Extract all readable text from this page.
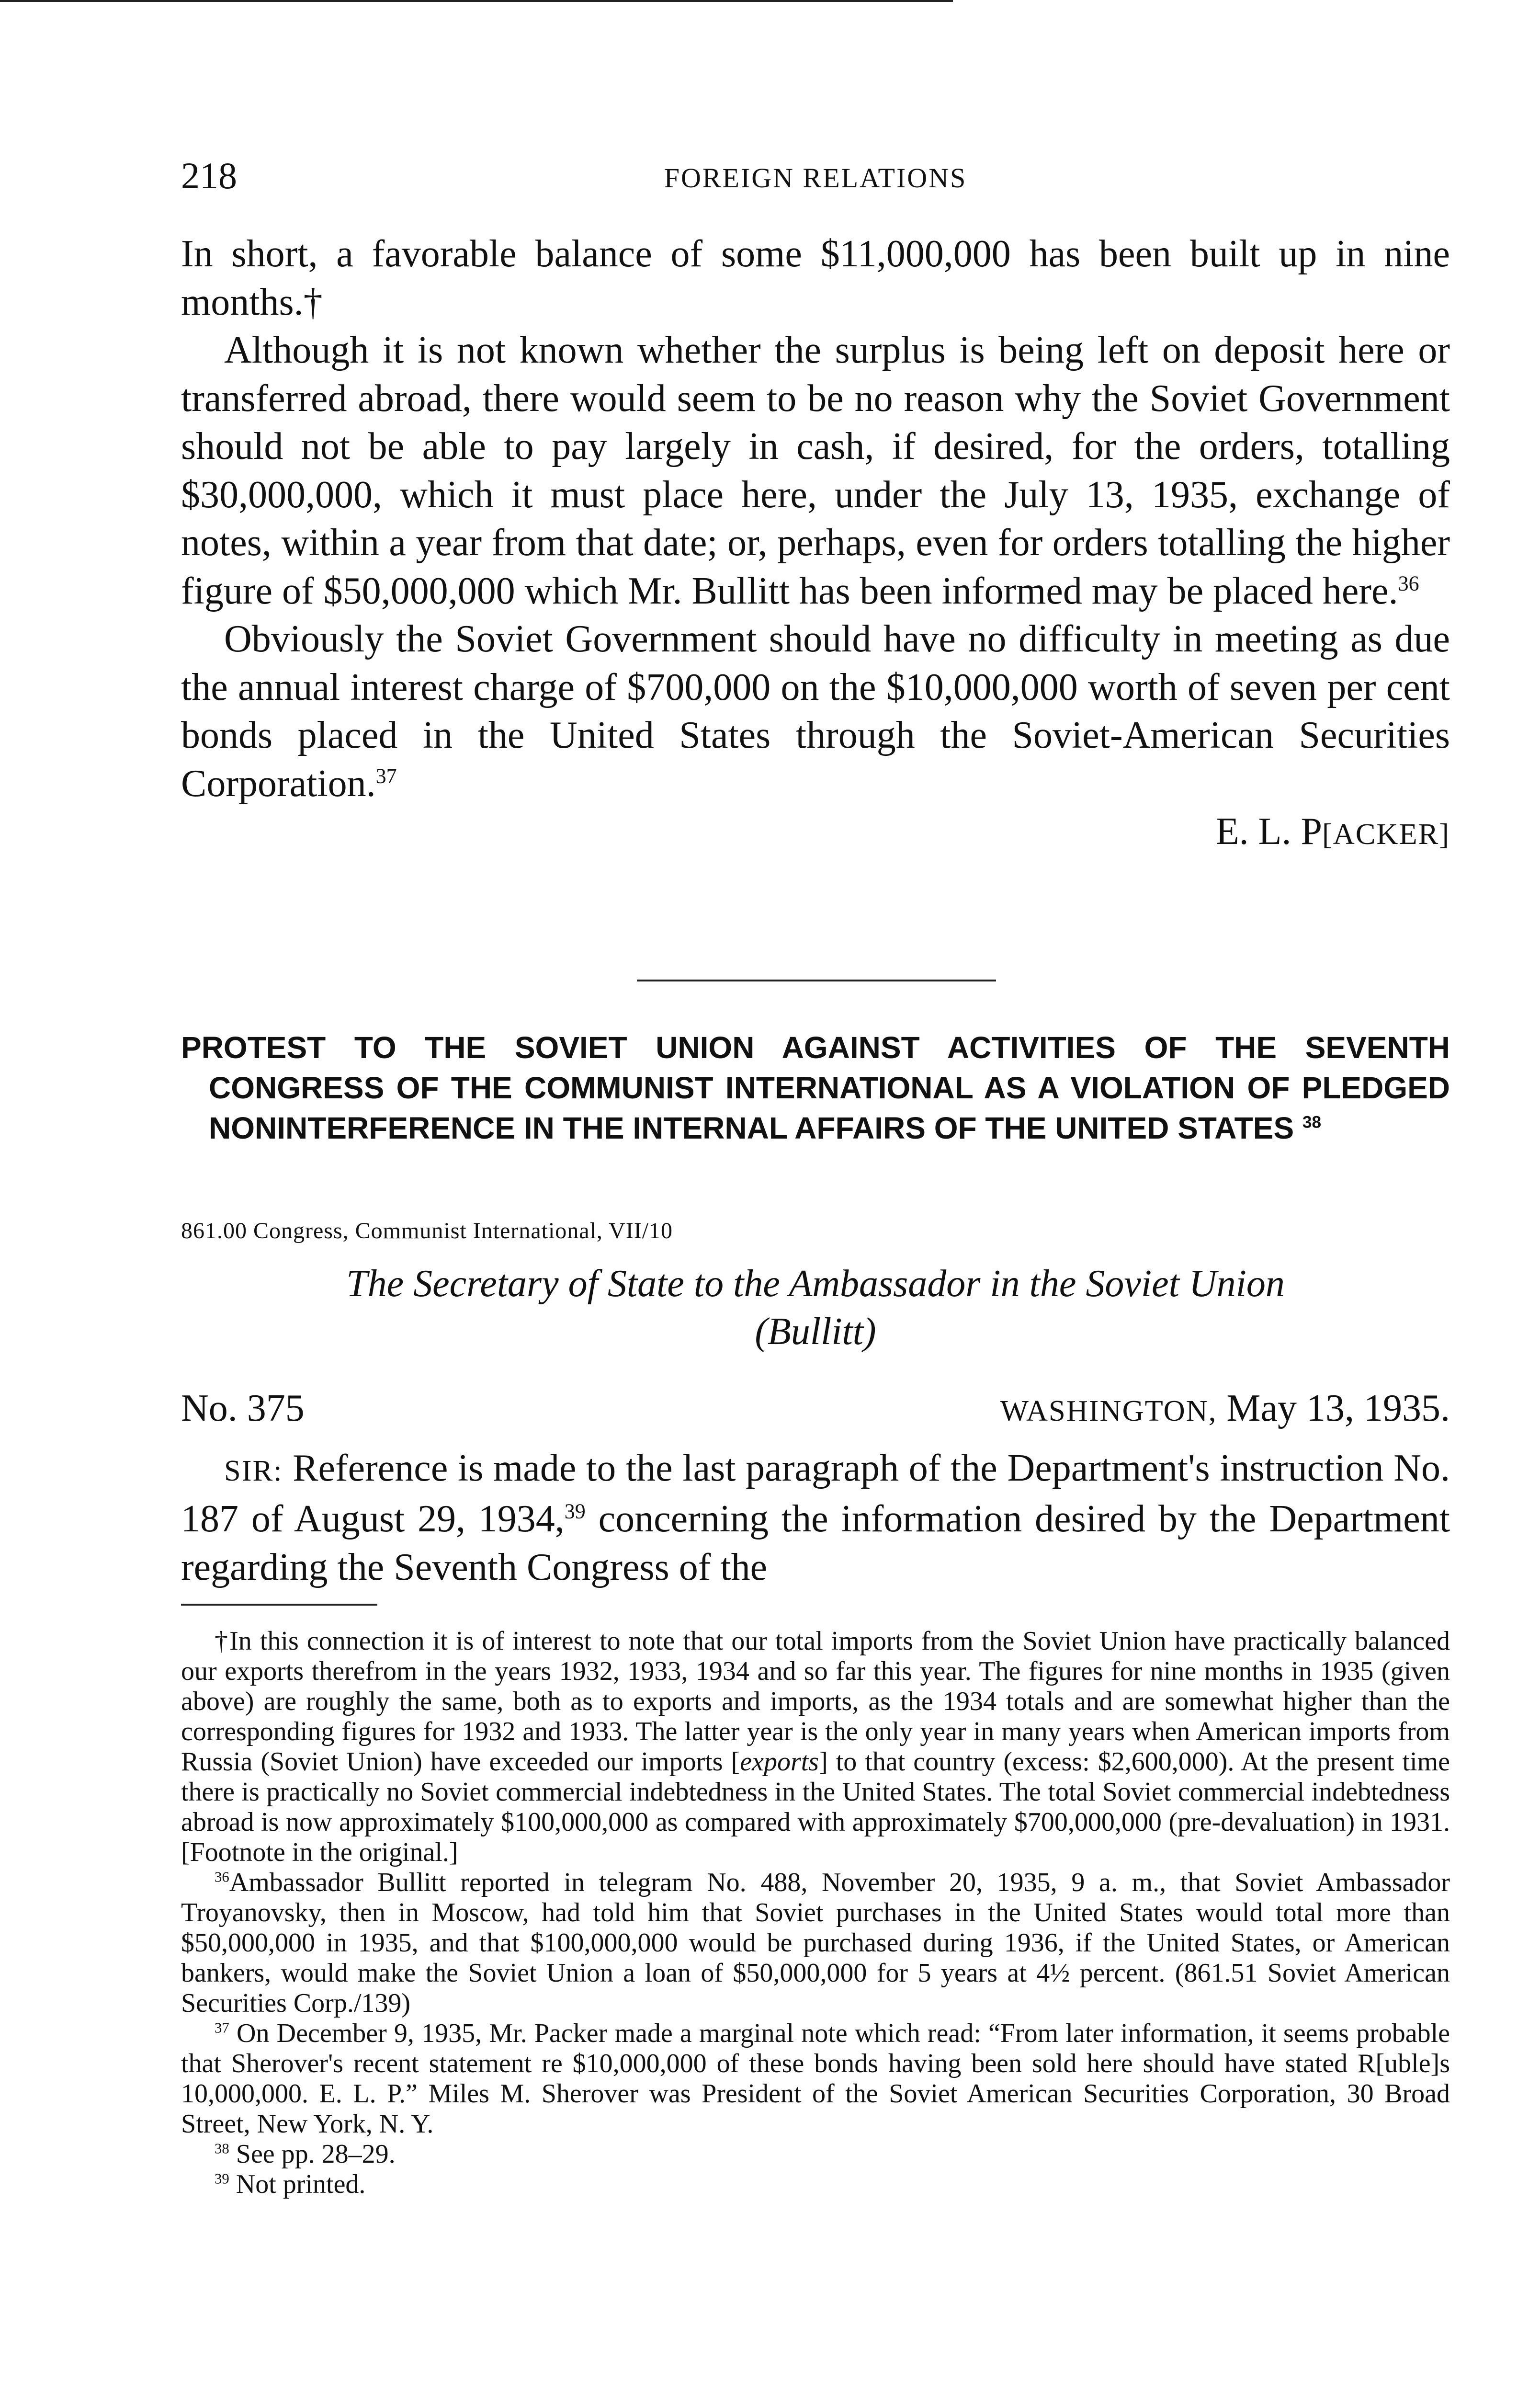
218	FOREIGN RELATIONS

In short, a favorable balance of some $11,000,000 has been built up in nine months.†

Although it is not known whether the surplus is being left on deposit here or transferred abroad, there would seem to be no reason why the Soviet Government should not be able to pay largely in cash, if desired, for the orders, totalling $30,000,000, which it must place here, under the July 13, 1935, exchange of notes, within a year from that date; or, perhaps, even for orders totalling the higher figure of $50,000,000 which Mr. Bullitt has been informed may be placed here.$^{36}$

Obviously the Soviet Government should have no difficulty in meeting as due the annual interest charge of $700,000 on the $10,000,000 worth of seven per cent bonds placed in the United States through the Soviet-American Securities Corporation.$^{37}$

E. L. P[ACKER]

PROTEST TO THE SOVIET UNION AGAINST ACTIVITIES OF THE SEVENTH CONGRESS OF THE COMMUNIST INTERNATIONAL AS A VIOLATION OF PLEDGED NONINTERFERENCE IN THE INTERNAL AFFAIRS OF THE UNITED STATES $^{38}$

861.00 Congress, Communist International, VII/10
The Secretary of State to the Ambassador in the Soviet Union
(Bullitt)

No. 375	WASHINGTON, May 13, 1935.

SIR: Reference is made to the last paragraph of the Department's instruction No. 187 of August 29, 1934,39 concerning the information desired by the Department regarding the Seventh Congress of the

†In this connection it is of interest to note that our total imports from the Soviet Union have practically balanced our exports therefrom in the years 1932, 1933, 1934 and so far this year. The figures for nine months in 1935 (given above) are roughly the same, both as to exports and imports, as the 1934 totals and are somewhat higher than the corresponding figures for 1932 and 1933. The latter year is the only year in many years when American imports from Russia (Soviet Union) have exceeded our imports [exports] to that country (excess: $2,600,000). At the present time there is practically no Soviet commercial indebtedness in the United States. The total Soviet commercial indebtedness abroad is now approximately $100,000,000 as compared with approximately $700,000,000 (pre-devaluation) in 1931. [Footnote in the original.]

$^{36}$Ambassador Bullitt reported in telegram No. 488, November 20, 1935, 9 a. m., that Soviet Ambassador Troyanovsky, then in Moscow, had told him that Soviet purchases in the United States would total more than $50,000,000 in 1935, and that $100,000,000 would be purchased during 1936, if the United States, or American bankers, would make the Soviet Union a loan of $50,000,000 for 5 years at 4½ percent. (861.51 Soviet American Securities Corp./139)

$^{37}$ On December 9, 1935, Mr. Packer made a marginal note which read: “From later information, it seems probable that Sherover's recent statement re $10,000,000 of these bonds having been sold here should have stated R[uble]s 10,000,000. E. L. P.” Miles M. Sherover was President of the Soviet American Securities Corporation, 30 Broad Street, New York, N. Y.

$^{38}$ See pp. 28–29.

$^{39}$ Not printed.
